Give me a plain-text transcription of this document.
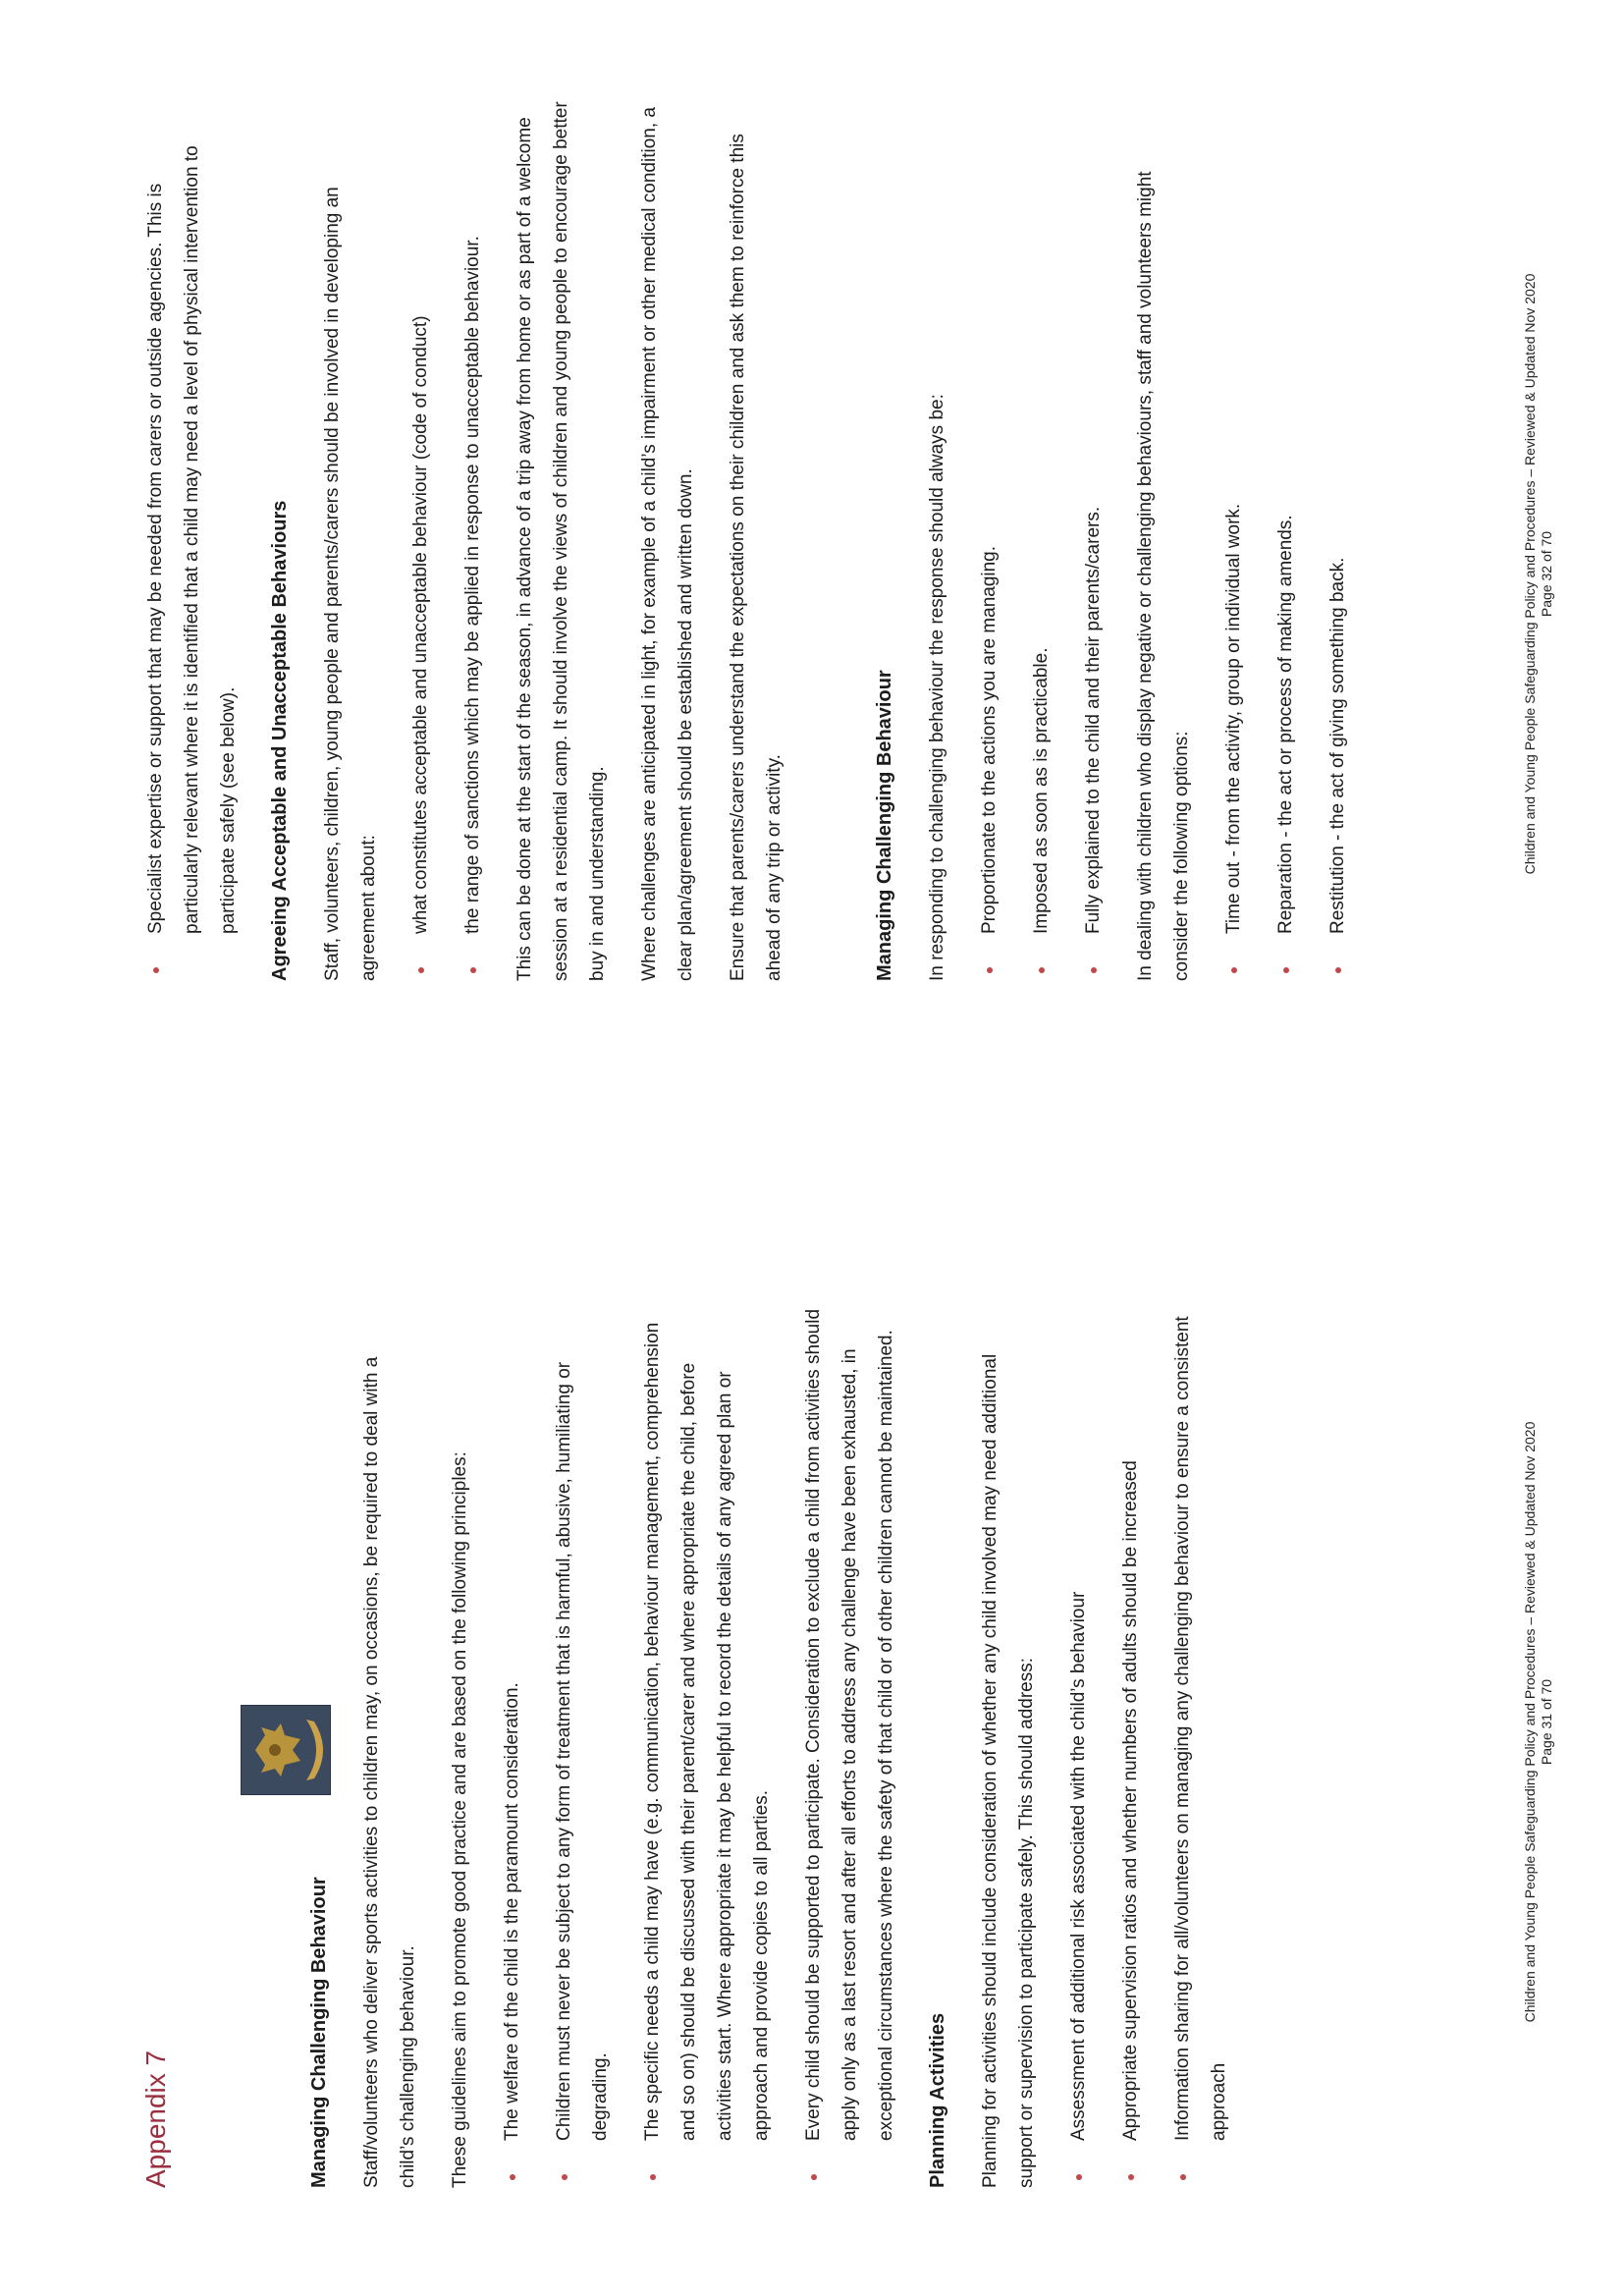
Appendix 7	Managing Challenging Behaviour	Staff/volunteers who deliver sports activities to children may, on occasions, be required to deal with a child’s challenging behaviour.	These guidelines aim to promote good practice and are based on the following principles:	The welfare of the child is the paramount consideration.	Children must never be subject to any form of treatment that is harmful, abusive, humiliating or degrading.	The specific needs a child may have (e.g. communication, behaviour management, comprehension and so on) should be discussed with their parent/carer and where appropriate the child, before activities start. Where appropriate it may be helpful to record the details of any agreed plan or approach and provide copies to all parties.	Every child should be supported to participate. Consideration to exclude a child from activities should apply only as a last resort and after all efforts to address any challenge have been exhausted, in exceptional circumstances where the safety of that child or of other children cannot be maintained.	Planning Activities	Planning for activities should include consideration of whether any child involved may need additional support or supervision to participate safely. This should address:	Assessment of additional risk associated with the child’s behaviour	Appropriate supervision ratios and whether numbers of adults should be increased	Information sharing for all/volunteers on managing any challenging behaviour to ensure a consistent approach
Children and Young People Safeguarding Policy and Procedures – Reviewed & Updated Nov 2020 Page 31 of 70
Specialist expertise or support that may be needed from carers or outside agencies. This is particularly relevant where it is identified that a child may need a level of physical intervention to participate safely (see below).	Agreeing Acceptable and Unacceptable Behaviours	Staff, volunteers, children, young people and parents/carers should be involved in developing an agreement about:	what constitutes acceptable and unacceptable behaviour (code of conduct)	the range of sanctions which may be applied in response to unacceptable behaviour.	This can be done at the start of the season, in advance of a trip away from home or as part of a welcome session at a residential camp. It should involve the views of children and young people to encourage better buy in and understanding.	Where challenges are anticipated in light, for example of a child’s impairment or other medical condition, a clear plan/agreement should be established and written down.	Ensure that parents/carers understand the expectations on their children and ask them to reinforce this ahead of any trip or activity.	Managing Challenging Behaviour	In responding to challenging behaviour the response should always be:	Proportionate to the actions you are managing.	Imposed as soon as is practicable.	Fully explained to the child and their parents/carers.	In dealing with children who display negative or challenging behaviours, staff and volunteers might consider the following options:	Time out - from the activity, group or individual work.	Reparation - the act or process of making amends.	Restitution - the act of giving something back.	Children and Young People Safeguarding Policy and Procedures – Reviewed & Updated Nov 2020 Page 32 of 70
